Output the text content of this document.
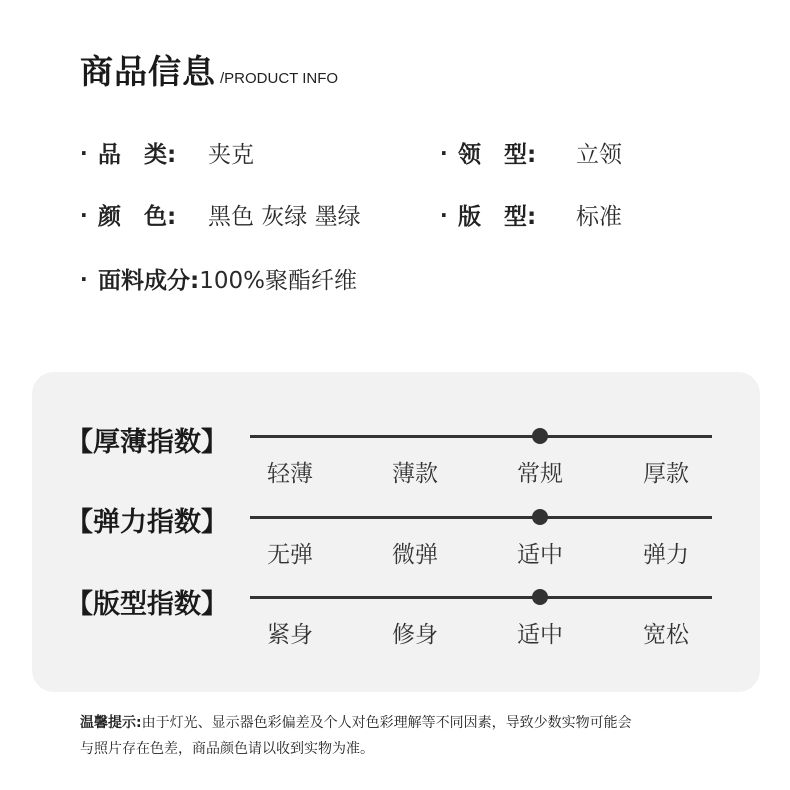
商品信息 /PRODUCT INFO
· 品　类:	夹克	· 领　型:	立领
· 颜　色:	黑色 灰绿 墨绿	· 版　型:	标准
· 面料成分: 100%聚酯纤维
【厚薄指数】
轻薄	薄款	常规	厚款
【弹力指数】
无弹	微弹	适中	弹力
【版型指数】
紧身	修身	适中	宽松
温馨提示:由于灯光、显示器色彩偏差及个人对色彩理解等不同因素，导致少数实物可能会
与照片存在色差，商品颜色请以收到实物为准。
